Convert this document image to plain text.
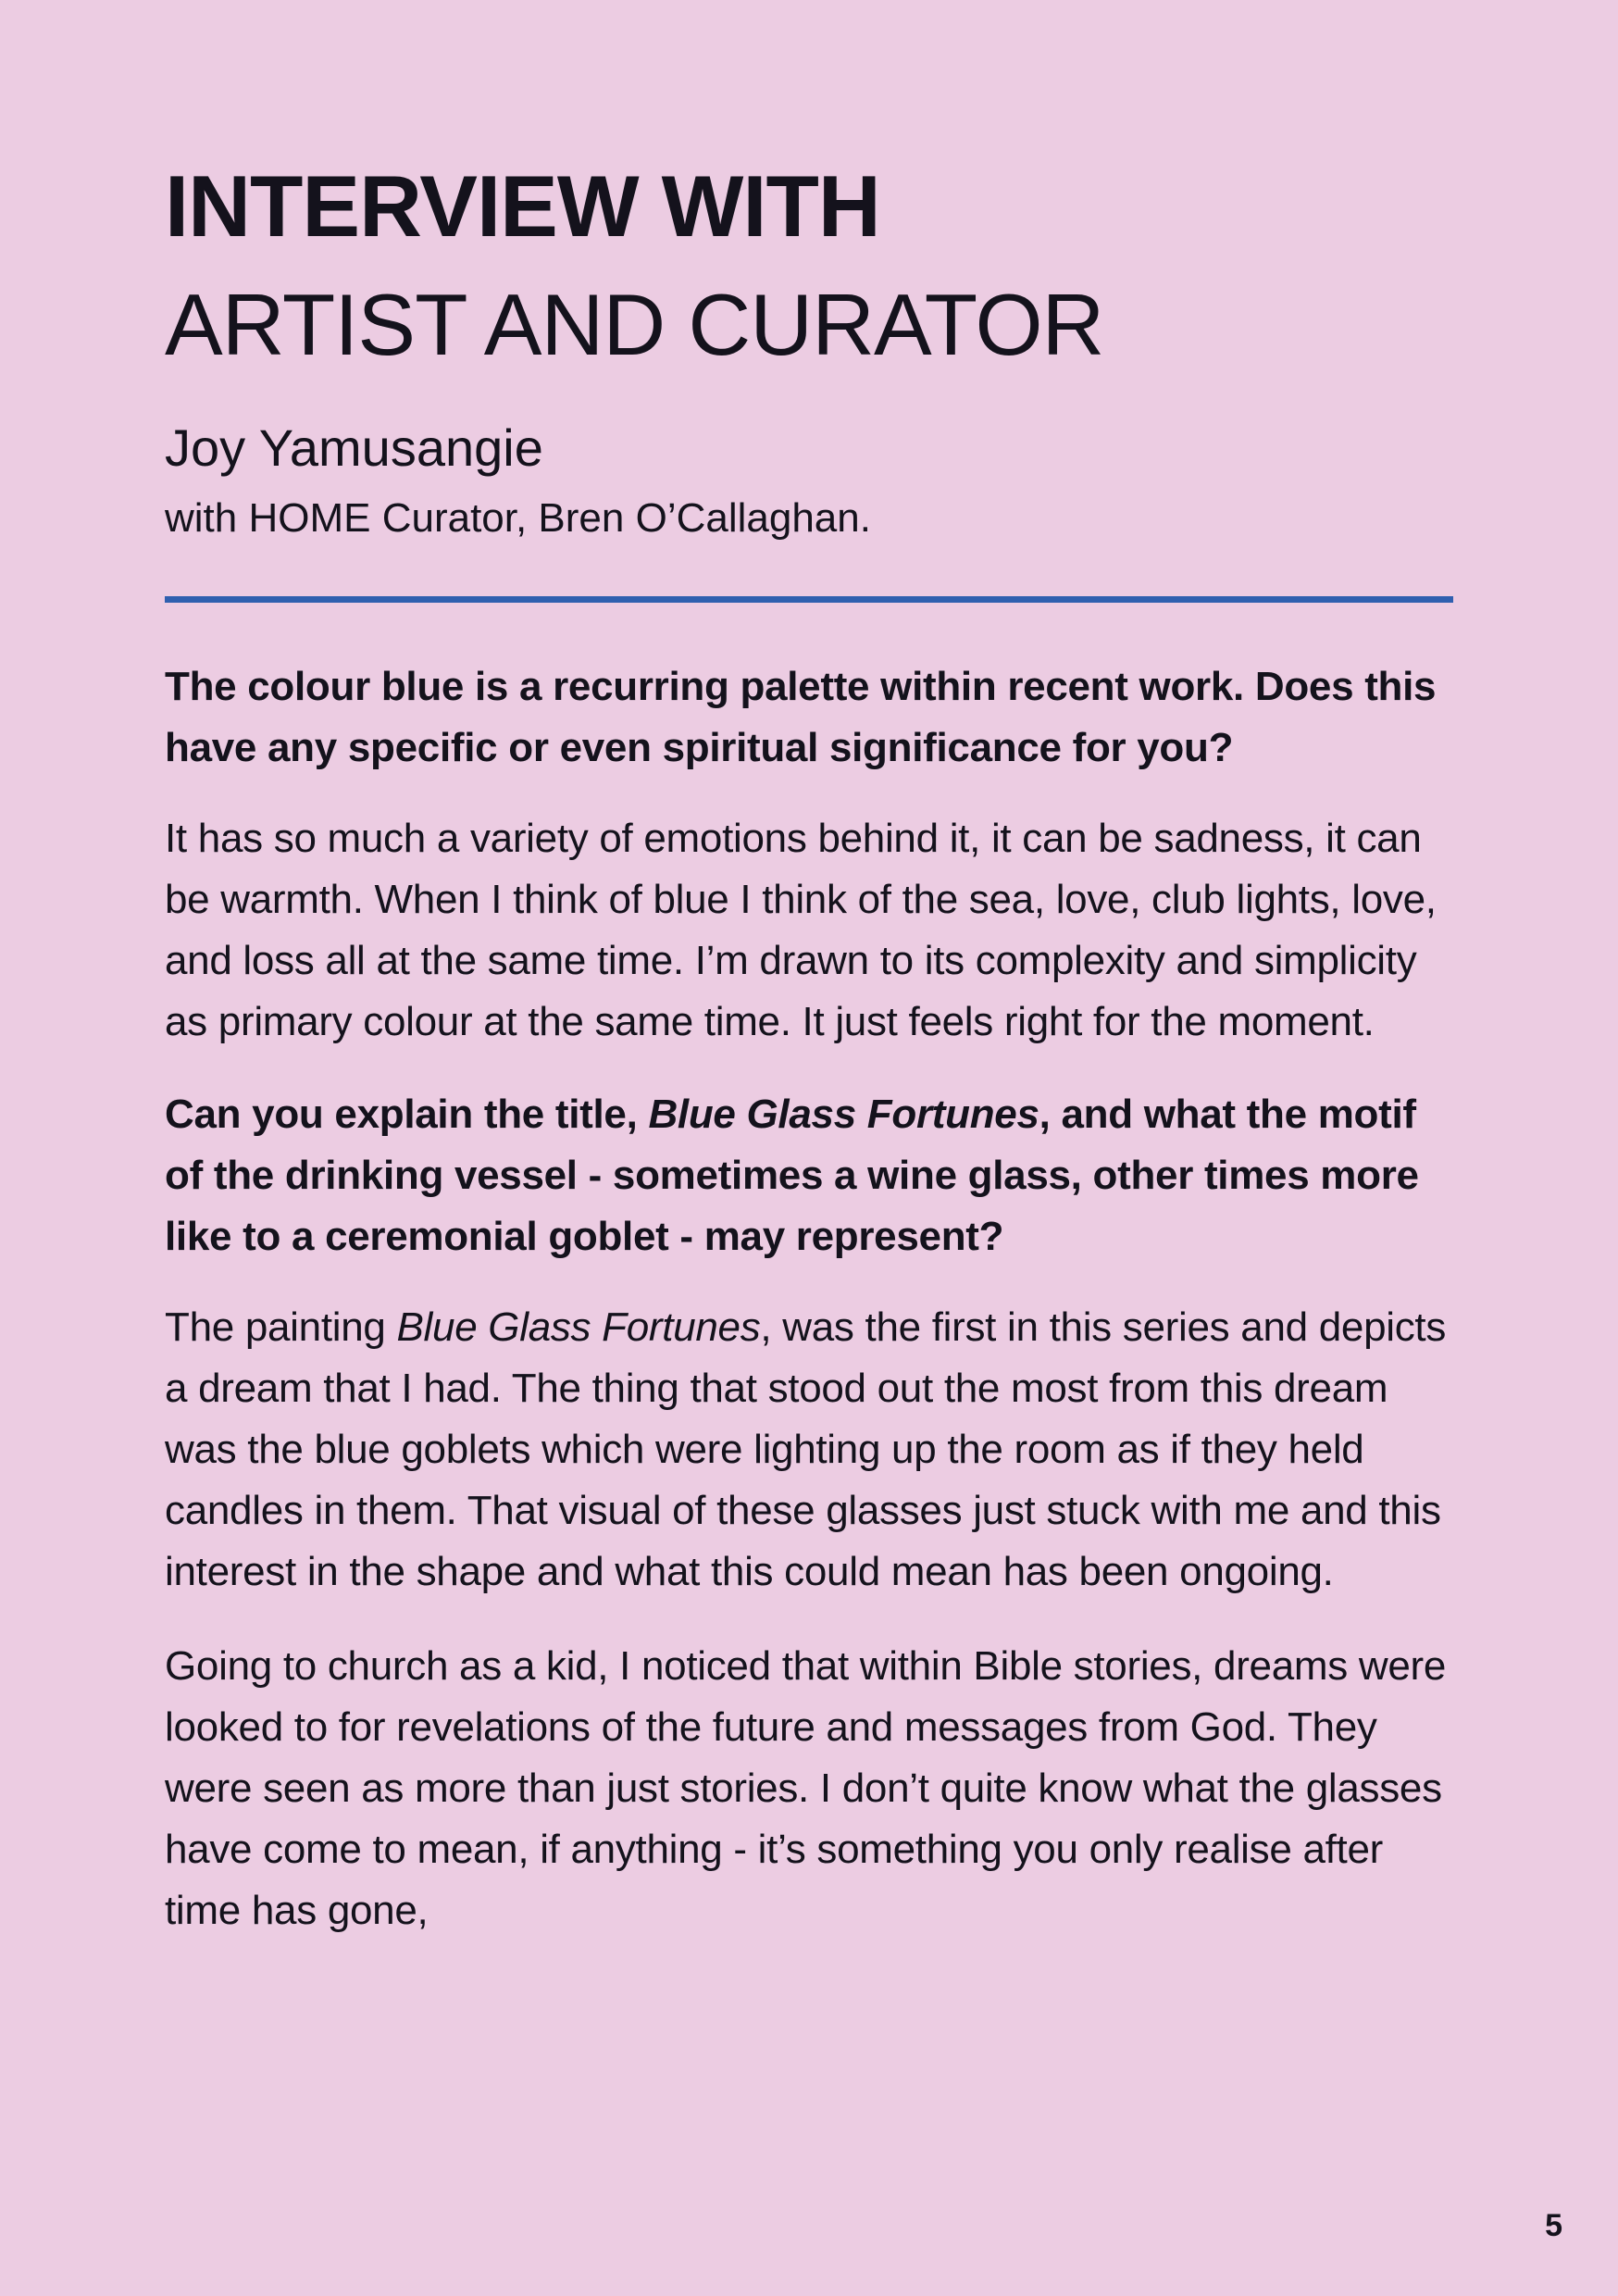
INTERVIEW WITH
ARTIST AND CURATOR
Joy Yamusangie
with HOME Curator, Bren O’Callaghan.

The colour blue is a recurring palette within recent work. Does this have any specific or even spiritual significance for you?

It has so much a variety of emotions behind it, it can be sadness, it can be warmth. When I think of blue I think of the sea, love, club lights, love, and loss all at the same time. I’m drawn to its complexity and simplicity as primary colour at the same time. It just feels right for the moment.

Can you explain the title, Blue Glass Fortunes, and what the motif of the drinking vessel - sometimes a wine glass, other times more like to a ceremonial goblet - may represent?

The painting Blue Glass Fortunes, was the first in this series and depicts a dream that I had. The thing that stood out the most from this dream was the blue goblets which were lighting up the room as if they held candles in them. That visual of these glasses just stuck with me and this interest in the shape and what this could mean has been ongoing.

Going to church as a kid, I noticed that within Bible stories, dreams were looked to for revelations of the future and messages from God. They were seen as more than just stories. I don’t quite know what the glasses have come to mean, if anything - it’s something you only realise after time has gone,

5
